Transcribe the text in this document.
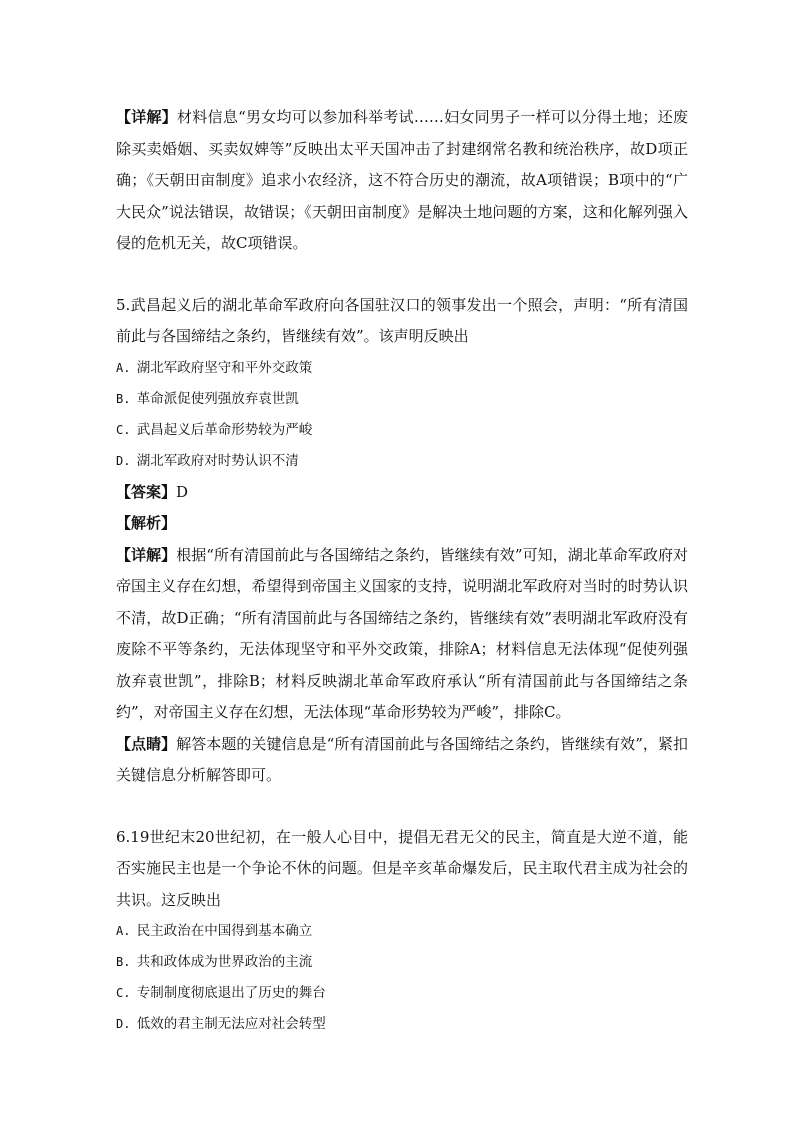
【详解】材料信息“男女均可以参加科举考试……妇女同男子一样可以分得土地；还废除买卖婚姻、买卖奴婢等”反映出太平天国冲击了封建纲常名教和统治秩序，故D项正确；《天朝田亩制度》追求小农经济，这不符合历史的潮流，故A项错误；B项中的“广大民众”说法错误，故错误；《天朝田亩制度》是解决土地问题的方案，这和化解列强入侵的危机无关，故C项错误。

5.武昌起义后的湖北革命军政府向各国驻汉口的领事发出一个照会，声明：“所有清国前此与各国缔结之条约，皆继续有效”。该声明反映出

A. 湖北军政府坚守和平外交政策

B. 革命派促使列强放弃袁世凯

C. 武昌起义后革命形势较为严峻

D. 湖北军政府对时势认识不清

【答案】D

【解析】

【详解】根据“所有清国前此与各国缔结之条约，皆继续有效”可知，湖北革命军政府对帝国主义存在幻想，希望得到帝国主义国家的支持，说明湖北军政府对当时的时势认识不清，故D正确；“所有清国前此与各国缔结之条约，皆继续有效”表明湖北军政府没有废除不平等条约，无法体现坚守和平外交政策，排除A；材料信息无法体现“促使列强放弃袁世凯”，排除B；材料反映湖北革命军政府承认“所有清国前此与各国缔结之条约”，对帝国主义存在幻想，无法体现“革命形势较为严峻”，排除C。

【点睛】解答本题的关键信息是“所有清国前此与各国缔结之条约，皆继续有效”，紧扣关键信息分析解答即可。

6.19世纪末20世纪初，在一般人心目中，提倡无君无父的民主，简直是大逆不道，能否实施民主也是一个争论不休的问题。但是辛亥革命爆发后，民主取代君主成为社会的共识。这反映出

A. 民主政治在中国得到基本确立

B. 共和政体成为世界政治的主流

C. 专制制度彻底退出了历史的舞台

D. 低效的君主制无法应对社会转型
